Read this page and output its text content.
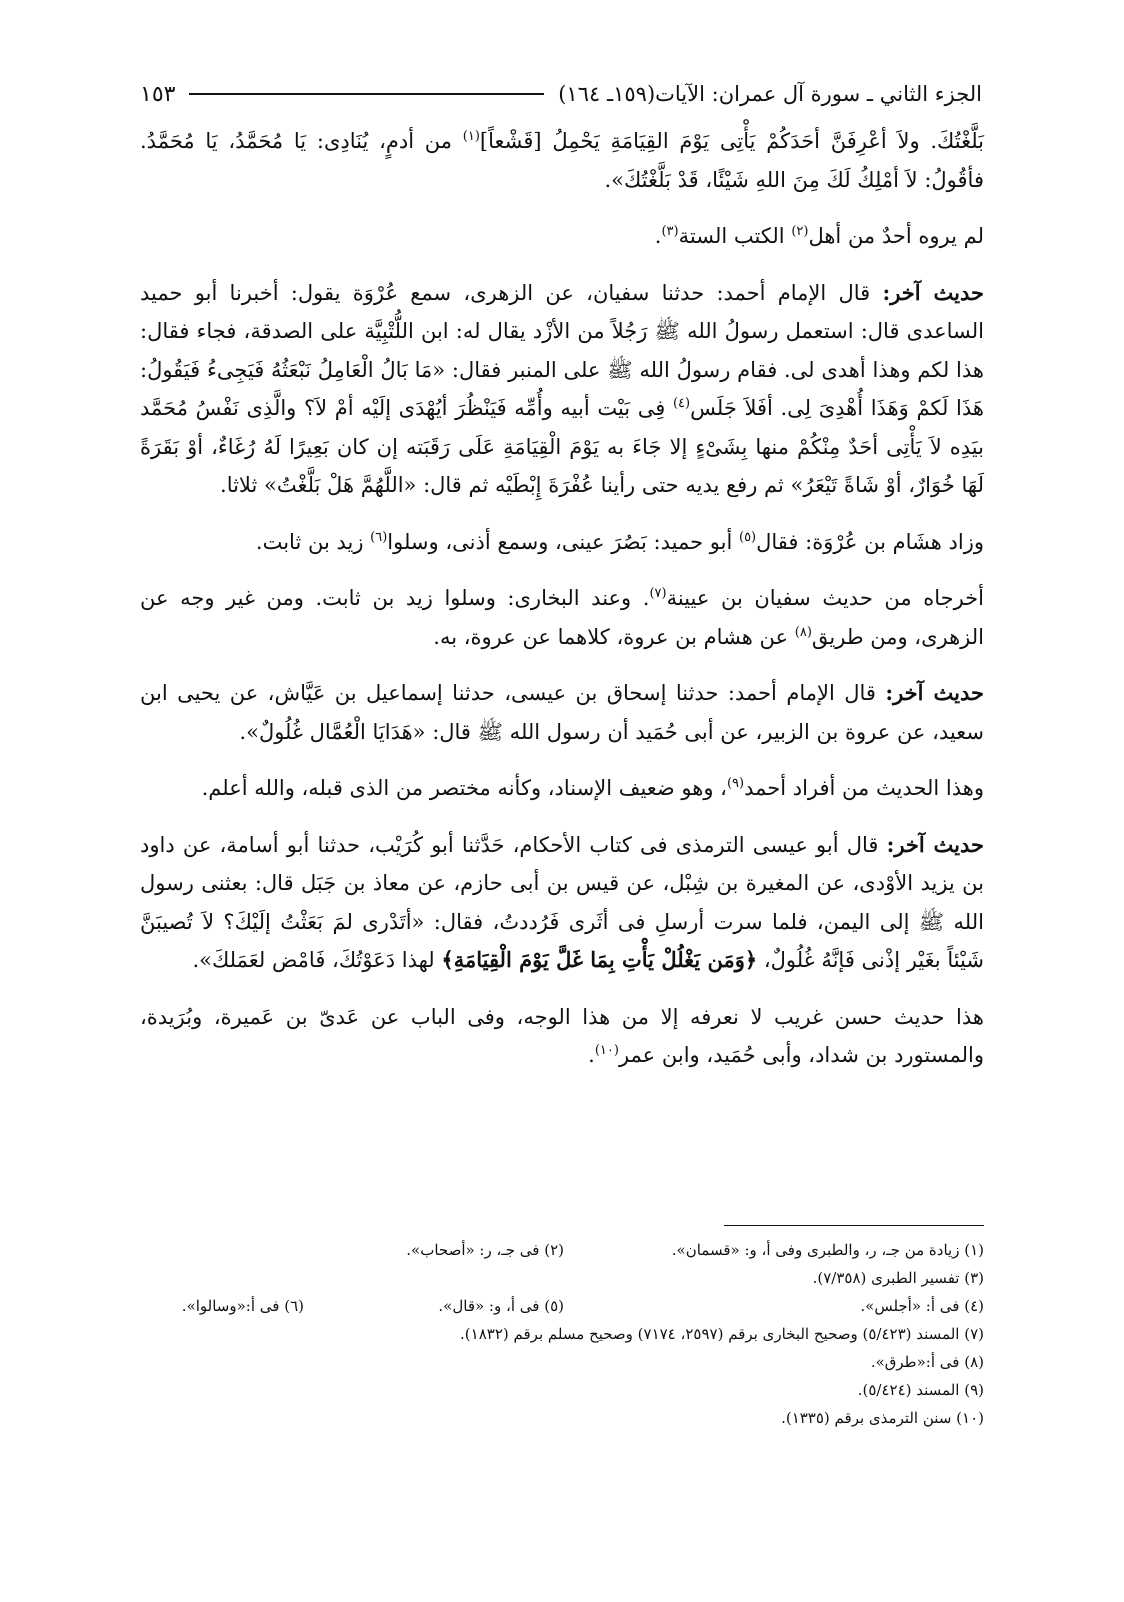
الجزء الثاني ـ سورة آل عمران: الآيات(١٥٩ـ ١٦٤)
١٥٣

بَلَّغْتُكَ. ولاَ أعْرِفَنَّ أحَدَكُمْ يَأْتِى يَوْمَ القِيَامَةِ يَحْمِلُ [قَشْعاً]$^{(١)}$ من أدمٍ، يُنَادِى: يَا مُحَمَّدُ، يَا مُحَمَّدُ. فأقُولُ: لاَ أمْلِكُ لَكَ مِنَ اللهِ شَيْئًا، قَدْ بَلَّغْتُكَ».

لم يروه أحدٌ من أهل$^{(٢)}$ الكتب الستة$^{(٣)}$.

حديث آخر: قال الإمام أحمد: حدثنا سفيان، عن الزهرى، سمع عُرْوَة يقول: أخبرنا أبو حميد الساعدى قال: استعمل رسولُ الله ﷺ رَجُلاً من الأزْد يقال له: ابن اللُّتْبِيَّة على الصدقة، فجاء فقال: هذا لكم وهذا أهدى لى. فقام رسولُ الله ﷺ على المنبر فقال: «مَا بَالُ الْعَامِلُ نَبْعَثُهُ فَيَجِىءُ فَيَقُولُ: هَذَا لَكمْ وَهَذَا أُهْدِىَ لِى. أفَلاَ جَلَس$^{(٤)}$ فِى بَيْت أبيه وأُمِّه فَيَنْظُرَ أيُهْدَى إلَيْه أمْ لاَ؟ والَّذِى نَفْسُ مُحَمَّد بيَدِه لاَ يَأْتِى أحَدٌ مِنْكُمْ منها بِشَىْءٍ إلا جَاءَ به يَوْمَ الْقِيَامَةِ عَلَى رَقَبَته إن كان بَعِيرًا لَهُ رُغَاءٌ، أوْ بَقَرَةً لَهَا خُوَارٌ، أوْ شَاةً تَيْعَرُ» ثم رفع يديه حتى رأينا عُفْرَةَ إِبْطَيْه ثم قال: «اللَّهُمَّ هَلْ بَلَّغْتُ» ثلاثا.

وزاد هشَام بن عُرْوَة: فقال$^{(٥)}$ أبو حميد: بَصُرَ عينى، وسمع أذنى، وسلوا$^{(٦)}$ زيد بن ثابت.

أخرجاه من حديث سفيان بن عيينة$^{(٧)}$. وعند البخارى: وسلوا زيد بن ثابت. ومن غير وجه عن الزهرى، ومن طريق$^{(٨)}$ عن هشام بن عروة، كلاهما عن عروة، به.

حديث آخر: قال الإمام أحمد: حدثنا إسحاق بن عيسى، حدثنا إسماعيل بن عَيَّاش، عن يحيى ابن سعيد، عن عروة بن الزبير، عن أبى حُمَيد أن رسول الله ﷺ قال: «هَدَايَا الْعُمَّال غُلُولٌ».

وهذا الحديث من أفراد أحمد$^{(٩)}$، وهو ضعيف الإسناد، وكأنه مختصر من الذى قبله، والله أعلم.

حديث آخر: قال أبو عيسى الترمذى فى كتاب الأحكام، حَدَّثنا أبو كُرَيْب، حدثنا أبو أسامة، عن داود بن يزيد الأوْدى، عن المغيرة بن شِبْل، عن قيس بن أبى حازم، عن معاذ بن جَبَل قال: بعثنى رسول الله ﷺ إلى اليمن، فلما سرت أرسلِ فى أثَرى فَرُددتُ، فقال: «أتَدْرى لمَ بَعَثْتُ إلَيْكَ؟ لاَ تُصيبَنَّ شَيْئاً بغَيْر إذْنى فَإنَّهُ غُلُولٌ، ﴿وَمَن يَغْلُلْ يَأْتِ بِمَا غَلَّ يَوْمَ الْقِيَامَةِ﴾ لهذا دَعَوْتُكَ، فَامْض لعَمَلكَ».

هذا حديث حسن غريب لا نعرفه إلا من هذا الوجه، وفى الباب عن عَدىّ بن عَميرة، وبُرَيدة، والمستورد بن شداد، وأبى حُمَيد، وابن عمر$^{(١٠)}$.

(١) زيادة من جـ، ر، والطبرى وفى أ، و: «قسمان».
(٢) فى جـ، ر: «أصحاب».
(٣) تفسير الطبرى (٧/٣٥٨).
(٤) فى أ: «أجلس».
(٥) فى أ، و: «قال».
(٦) فى أ:«وسالوا».
(٧) المسند (٥/٤٢٣) وصحيح البخارى برقم (٢٥٩٧، ٧١٧٤) وصحيح مسلم برقم (١٨٣٢).
(٨) فى أ:«طرق».
(٩) المسند (٥/٤٢٤).
(١٠) سنن الترمذى برقم (١٣٣٥).
